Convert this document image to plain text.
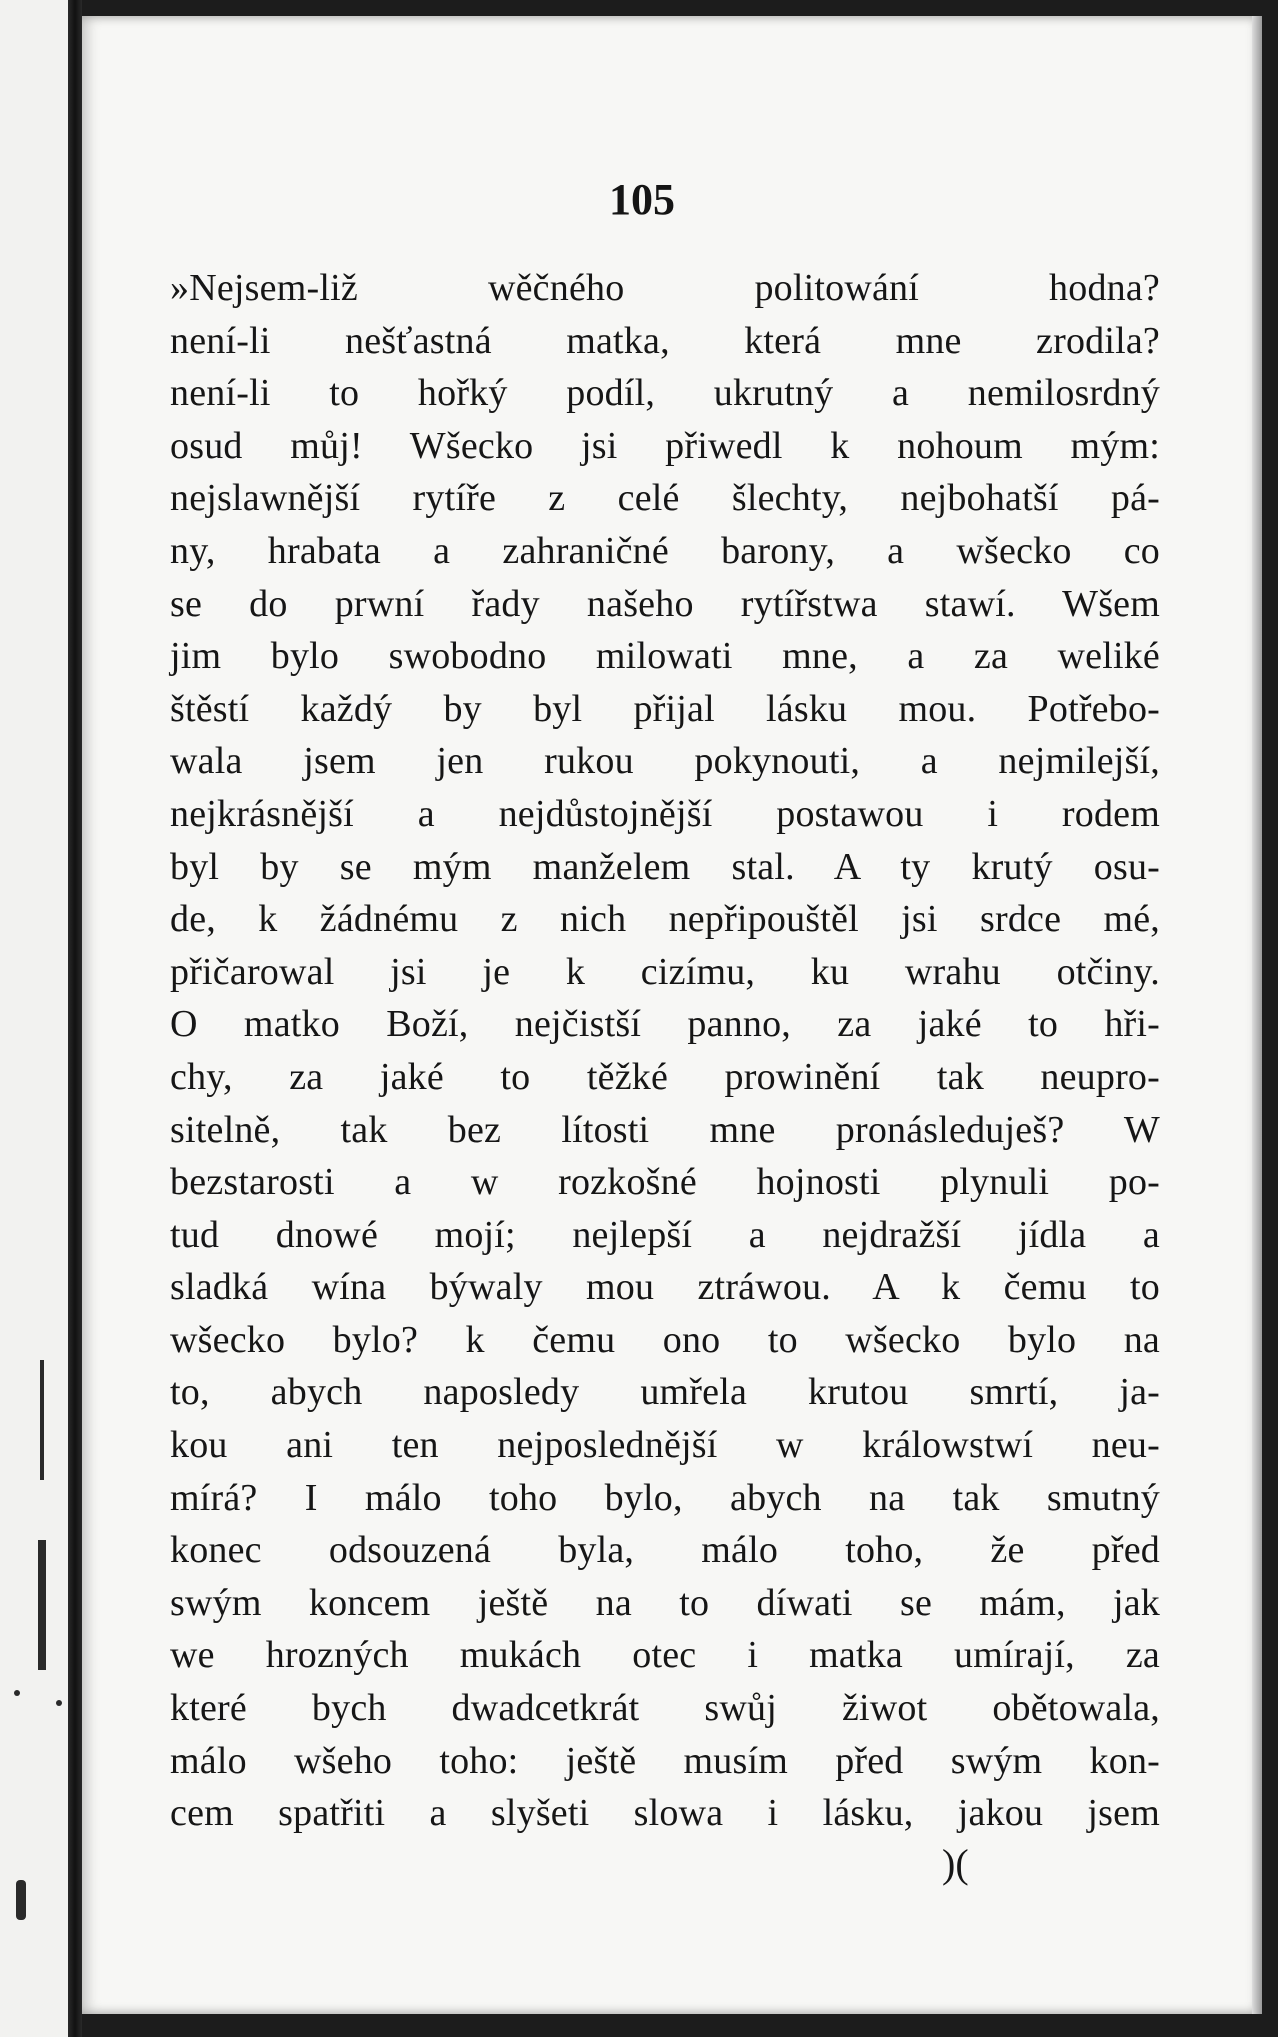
105
»Nejsem-liž wěčného politowání hodna?
není-li nešťastná matka, která mne zrodila?
není-li to hořký podíl, ukrutný a nemilosrdný
osud můj! Wšecko jsi přiwedl k nohoum mým:
nejslawnější rytíře z celé šlechty, nejbohatší pá-
ny, hrabata a zahraničné barony, a wšecko co
se do prwní řady našeho rytířstwa stawí. Wšem
jim bylo swobodno milowati mne, a za weliké
štěstí každý by byl přijal lásku mou. Potřebo-
wala jsem jen rukou pokynouti, a nejmilejší,
nejkrásnější a nejdůstojnější postawou i rodem
byl by se mým manželem stal. A ty krutý osu-
de, k žádnému z nich nepřipouštěl jsi srdce mé,
přičarowal jsi je k cizímu, ku wrahu otčiny.
O matko Boží, nejčistší panno, za jaké to hři-
chy, za jaké to těžké prowinění tak neupro-
sitelně, tak bez lítosti mne pronásleduješ? W
bezstarosti a w rozkošné hojnosti plynuli po-
tud dnowé mojí; nejlepší a nejdražší jídla a
sladká wína býwaly mou ztráwou. A k čemu to
wšecko bylo? k čemu ono to wšecko bylo na
to, abych naposledy umřela krutou smrtí, ja-
kou ani ten nejposlednější w králowstwí neu-
mírá? I málo toho bylo, abych na tak smutný
konec odsouzená byla, málo toho, že před
swým koncem ještě na to díwati se mám, jak
we hrozných mukách otec i matka umírají, za
které bych dwadcetkrát swůj žiwot obětowala,
málo wšeho toho: ještě musím před swým kon-
cem spatřiti a slyšeti slowa i lásku, jakou jsem
)(
